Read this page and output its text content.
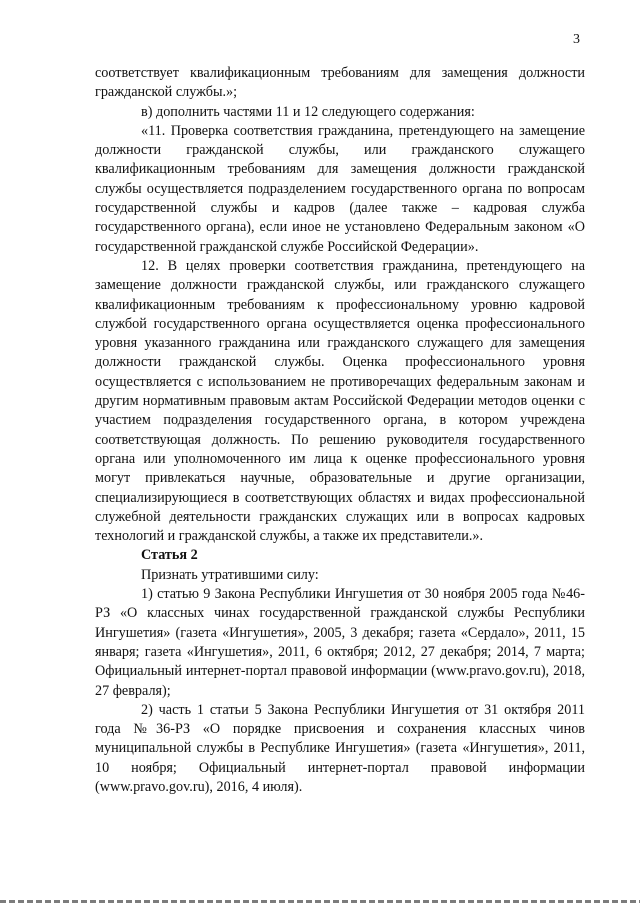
3

соответствует квалификационным требованиям для замещения должности гражданской службы.»;

в) дополнить частями 11 и 12 следующего содержания:

«11. Проверка соответствия гражданина, претендующего на замещение должности гражданской службы, или гражданского служащего квалификационным требованиям для замещения должности гражданской службы осуществляется подразделением государственного органа по вопросам государственной службы и кадров (далее также – кадровая служба государственного органа), если иное не установлено Федеральным законом «О государственной гражданской службе Российской Федерации».

12. В целях проверки соответствия гражданина, претендующего на замещение должности гражданской службы, или гражданского служащего квалификационным требованиям к профессиональному уровню кадровой службой государственного органа осуществляется оценка профессионального уровня указанного гражданина или гражданского служащего для замещения должности гражданской службы. Оценка профессионального уровня осуществляется с использованием не противоречащих федеральным законам и другим нормативным правовым актам Российской Федерации методов оценки с участием подразделения государственного органа, в котором учреждена соответствующая должность. По решению руководителя государственного органа или уполномоченного им лица к оценке профессионального уровня могут привлекаться научные, образовательные и другие организации, специализирующиеся в соответствующих областях и видах профессиональной служебной деятельности гражданских служащих или в вопросах кадровых технологий и гражданской службы, а также их представители.».

Статья 2

Признать утратившими силу:

1) статью 9 Закона Республики Ингушетия от 30 ноября 2005 года №46-РЗ «О классных чинах государственной гражданской службы Республики Ингушетия» (газета «Ингушетия», 2005, 3 декабря; газета «Сердало», 2011, 15 января; газета «Ингушетия», 2011, 6 октября; 2012, 27 декабря; 2014, 7 марта; Официальный интернет-портал правовой информации (www.pravo.gov.ru), 2018, 27 февраля);

2) часть 1 статьи 5 Закона Республики Ингушетия от 31 октября 2011 года №36-РЗ «О порядке присвоения и сохранения классных чинов муниципальной службы в Республике Ингушетия» (газета «Ингушетия», 2011, 10 ноября; Официальный интернет-портал правовой информации (www.pravo.gov.ru), 2016, 4 июля).
